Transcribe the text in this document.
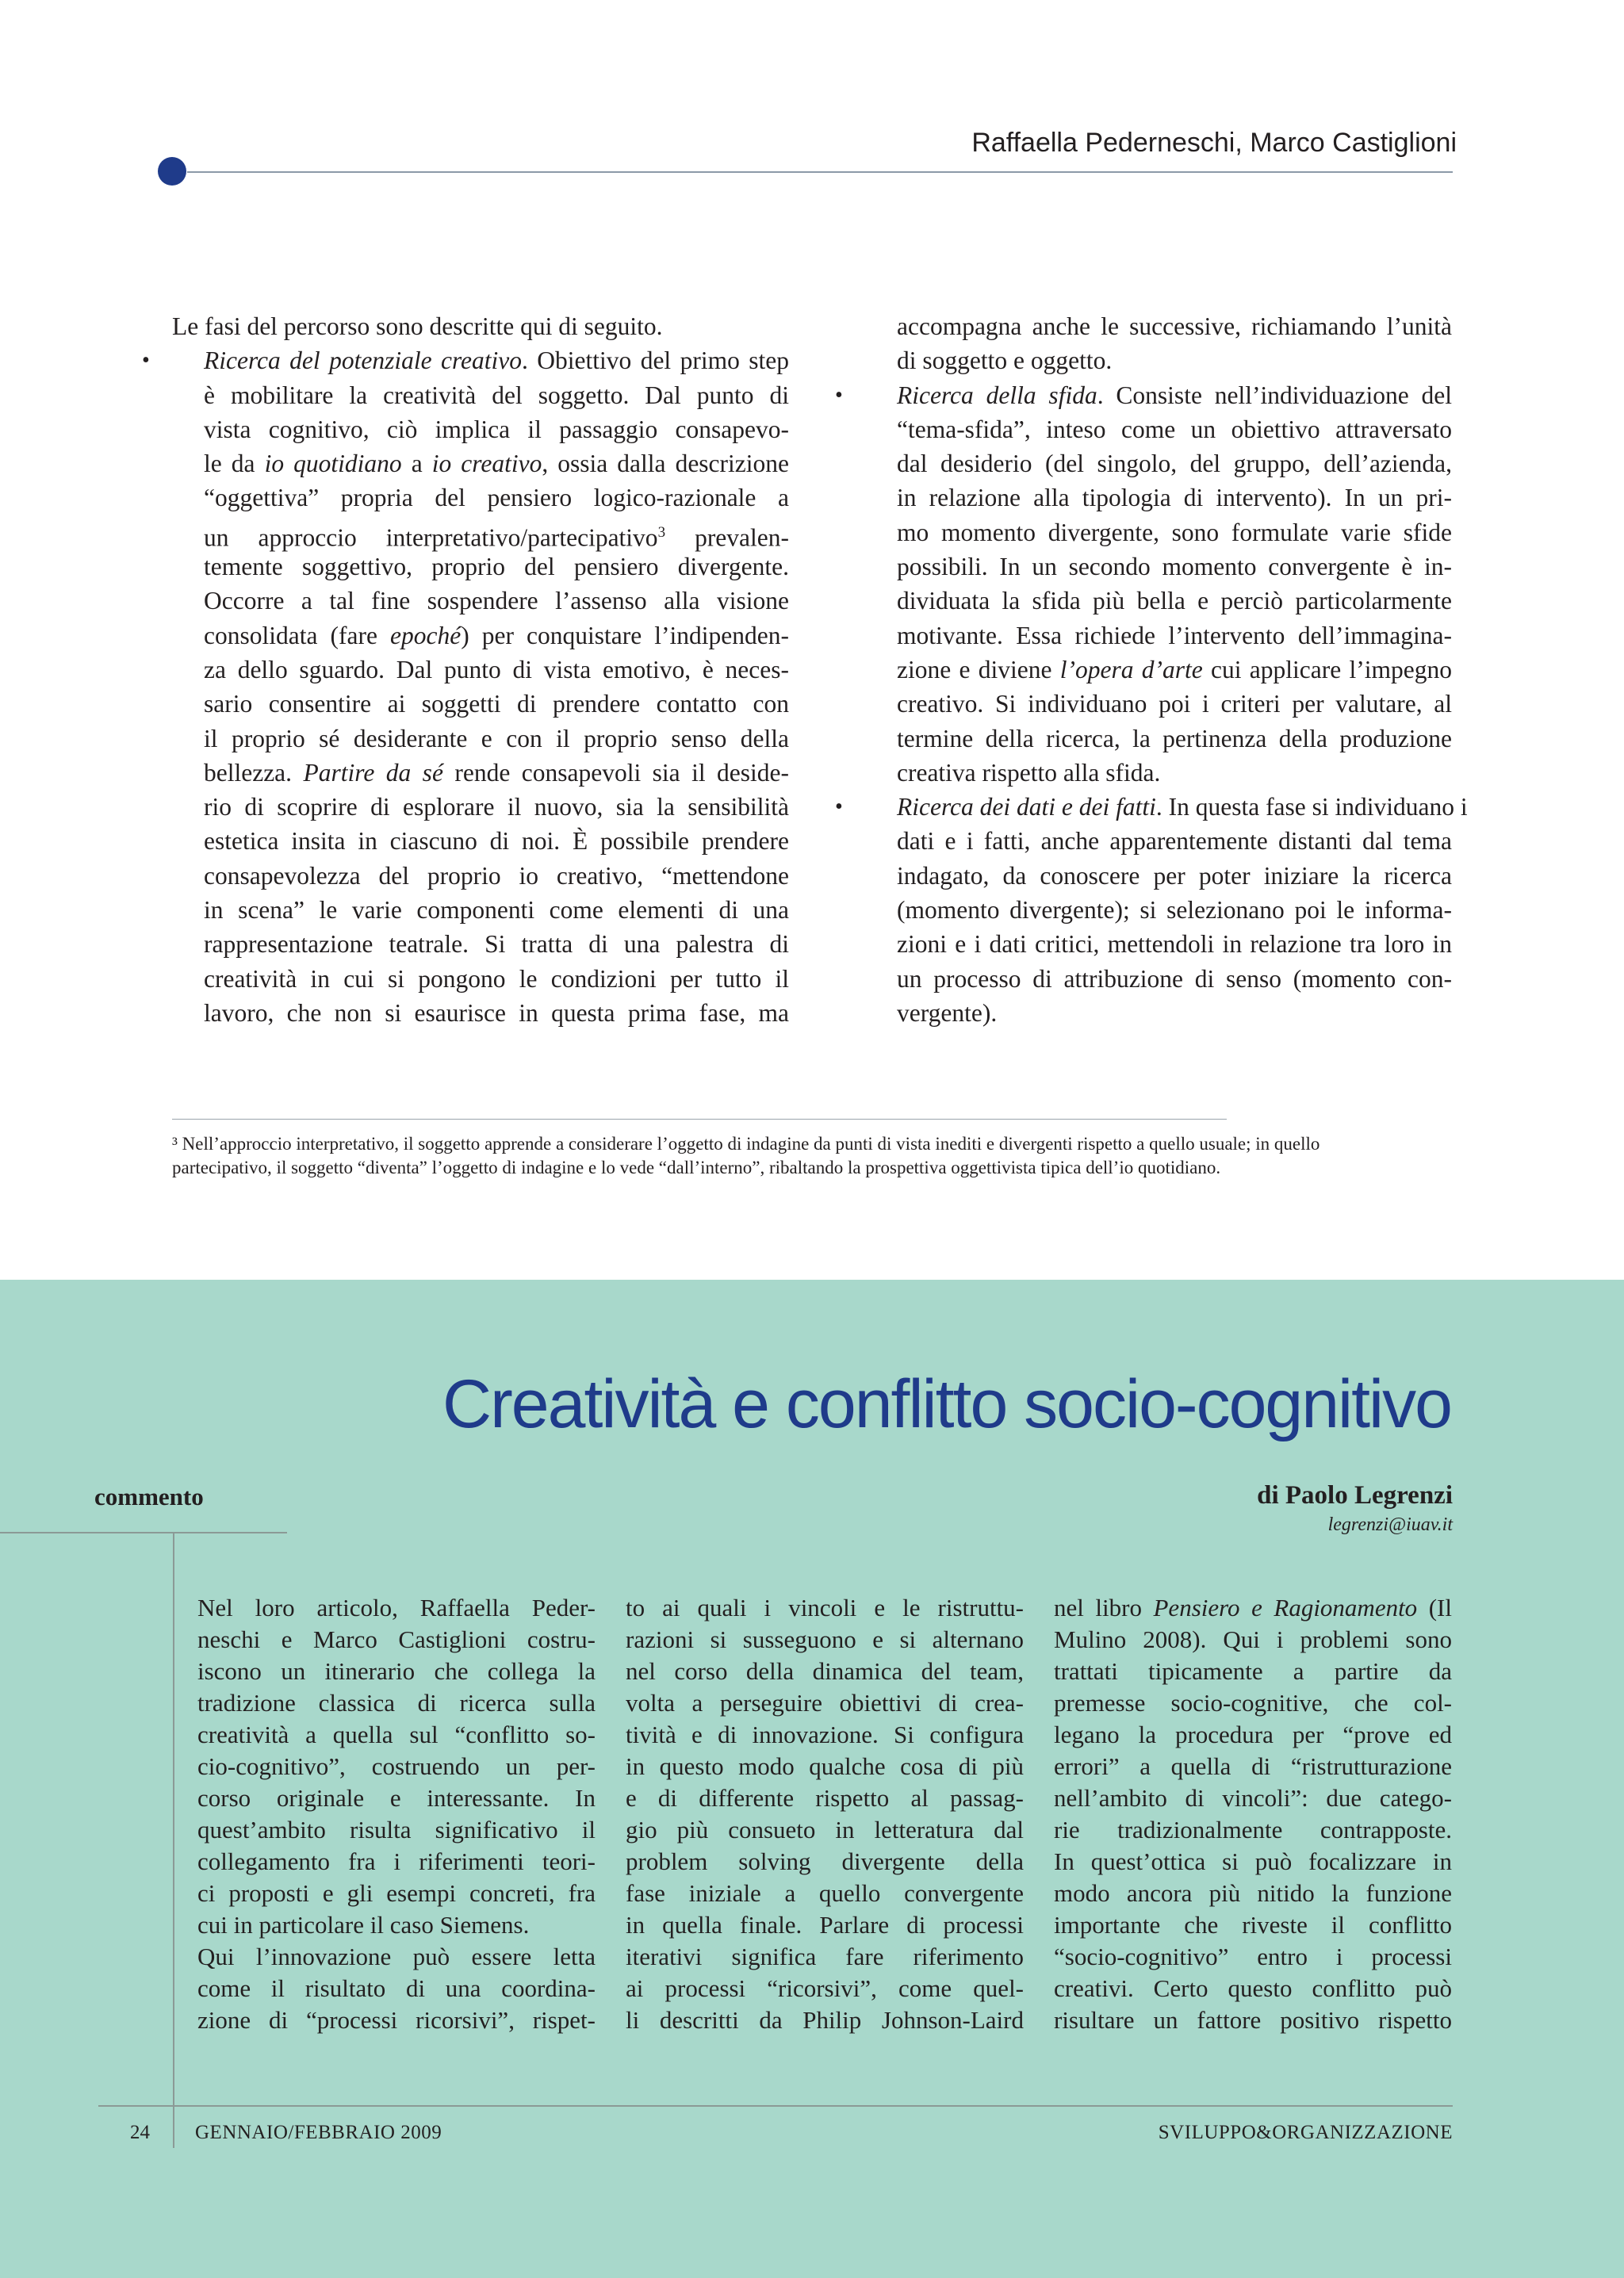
Raffaella Pederneschi, Marco Castiglioni
Le fasi del percorso sono descritte qui di seguito.
Ricerca del potenziale creativo. Obiettivo del primo step
•
è mobilitare la creatività del soggetto. Dal punto di
vista cognitivo, ciò implica il passaggio consapevo-
le da io quotidiano a io creativo, ossia dalla descrizione
“oggettiva” propria del pensiero logico-razionale a
un approccio interpretativo/partecipativo$^3$ prevalen-
temente soggettivo, proprio del pensiero divergente.
Occorre a tal fine sospendere l’assenso alla visione
consolidata (fare epoché) per conquistare l’indipenden-
za dello sguardo. Dal punto di vista emotivo, è neces-
sario consentire ai soggetti di prendere contatto con
il proprio sé desiderante e con il proprio senso della
bellezza. Partire da sé rende consapevoli sia il deside-
rio di scoprire di esplorare il nuovo, sia la sensibilità
estetica insita in ciascuno di noi. È possibile prendere
consapevolezza del proprio io creativo, “mettendone
in scena” le varie componenti come elementi di una
rappresentazione teatrale. Si tratta di una palestra di
creatività in cui si pongono le condizioni per tutto il
lavoro, che non si esaurisce in questa prima fase, ma
accompagna anche le successive, richiamando l’unità
di soggetto e oggetto.
Ricerca della sfida. Consiste nell’individuazione del
•
“tema-sfida”, inteso come un obiettivo attraversato
dal desiderio (del singolo, del gruppo, dell’azienda,
in relazione alla tipologia di intervento). In un pri-
mo momento divergente, sono formulate varie sfide
possibili. In un secondo momento convergente è in-
dividuata la sfida più bella e perciò particolarmente
motivante. Essa richiede l’intervento dell’immagina-
zione e diviene l’opera d’arte cui applicare l’impegno
creativo. Si individuano poi i criteri per valutare, al
termine della ricerca, la pertinenza della produzione
creativa rispetto alla sfida.
Ricerca dei dati e dei fatti. In questa fase si individuano i
•
dati e i fatti, anche apparentemente distanti dal tema
indagato, da conoscere per poter iniziare la ricerca
(momento divergente); si selezionano poi le informa-
zioni e i dati critici, mettendoli in relazione tra loro in
un processo di attribuzione di senso (momento con-
vergente).
³ Nell’approccio interpretativo, il soggetto apprende a considerare l’oggetto di indagine da punti di vista inediti e divergenti rispetto a quello usuale; in quello
partecipativo, il soggetto “diventa” l’oggetto di indagine e lo vede “dall’interno”, ribaltando la prospettiva oggettivista tipica dell’io quotidiano.
Creatività e conflitto socio-cognitivo
commento	di Paolo Legrenzi
legrenzi@iuav.it
Nel loro articolo, Raffaella Peder-
neschi e Marco Castiglioni costru-
iscono un itinerario che collega la
tradizione classica di ricerca sulla
creatività a quella sul “conflitto so-
cio-cognitivo”, costruendo un per-
corso originale e interessante. In
quest’ambito risulta significativo il
collegamento fra i riferimenti teori-
ci proposti e gli esempi concreti, fra
cui in particolare il caso Siemens.
Qui l’innovazione può essere letta
come il risultato di una coordina-
zione di “processi ricorsivi”, rispet-
to ai quali i vincoli e le ristruttu-
razioni si susseguono e si alternano
nel corso della dinamica del team,
volta a perseguire obiettivi di crea-
tività e di innovazione. Si configura
in questo modo qualche cosa di più
e di differente rispetto al passag-
gio più consueto in letteratura dal
problem solving divergente della
fase iniziale a quello convergente
in quella finale. Parlare di processi
iterativi significa fare riferimento
ai processi “ricorsivi”, come quel-
li descritti da Philip Johnson-Laird
nel libro Pensiero e Ragionamento (Il
Mulino 2008). Qui i problemi sono
trattati tipicamente a partire da
premesse socio-cognitive, che col-
legano la procedura per “prove ed
errori” a quella di “ristrutturazione
nell’ambito di vincoli”: due catego-
rie tradizionalmente contrapposte.
In quest’ottica si può focalizzare in
modo ancora più nitido la funzione
importante che riveste il conflitto
“socio-cognitivo” entro i processi
creativi. Certo questo conflitto può
risultare un fattore positivo rispetto
24 GENNAIO/FEBBRAIO 2009	SVILUPPO&ORGANIZZAZIONE
